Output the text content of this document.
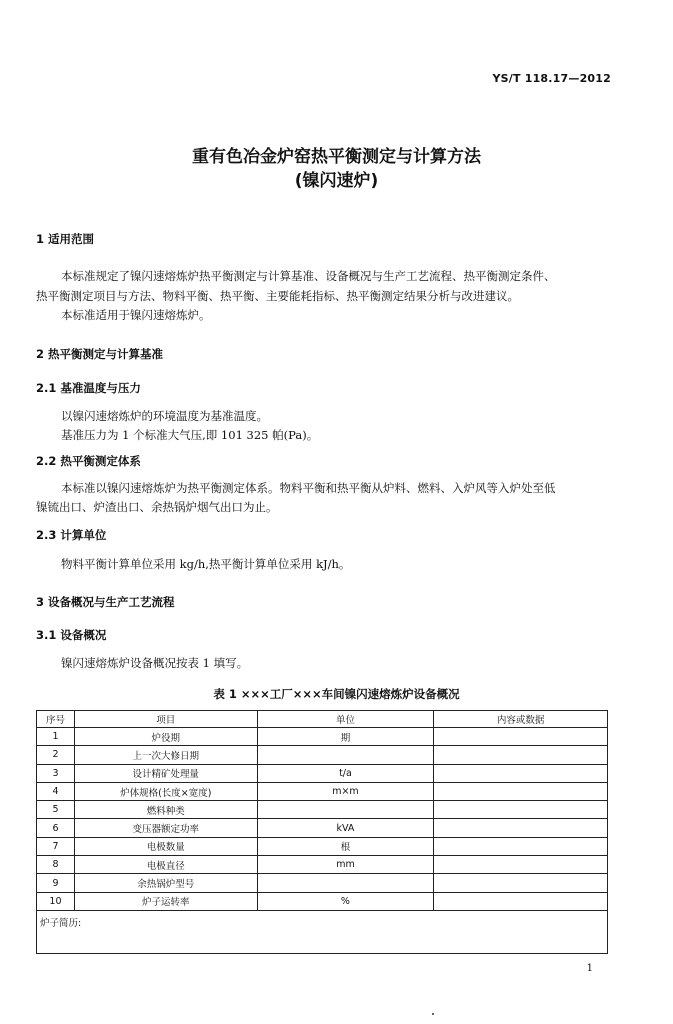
YS/T 118.17—2012
重有色冶金炉窑热平衡测定与计算方法
(镍闪速炉)
1 适用范围
本标准规定了镍闪速熔炼炉热平衡测定与计算基准、设备概况与生产工艺流程、热平衡测定条件、
热平衡测定项目与方法、物料平衡、热平衡、主要能耗指标、热平衡测定结果分析与改进建议。
本标准适用于镍闪速熔炼炉。
2 热平衡测定与计算基准
2.1 基准温度与压力
以镍闪速熔炼炉的环境温度为基准温度。
基准压力为 1 个标准大气压,即 101 325 帕(Pa)。
2.2 热平衡测定体系
本标准以镍闪速熔炼炉为热平衡测定体系。物料平衡和热平衡从炉料、燃料、入炉风等入炉处至低
镍锍出口、炉渣出口、余热锅炉烟气出口为止。
2.3 计算单位
物料平衡计算单位采用 kg/h,热平衡计算单位采用 kJ/h。
3 设备概况与生产工艺流程
3.1 设备概况
镍闪速熔炼炉设备概况按表 1 填写。
表 1 ×××工厂×××车间镍闪速熔炼炉设备概况
序号	项目	单位	内容或数据
1	炉役期	期	
2	上一次大修日期		
3	设计精矿处理量	t/a	
4	炉体规格(长度×宽度)	m×m	
5	燃料种类		
6	变压器额定功率	kVA	
7	电极数量	根	
8	电极直径	mm	
9	余热锅炉型号		
10	炉子运转率	%	
炉子简历:			
1
